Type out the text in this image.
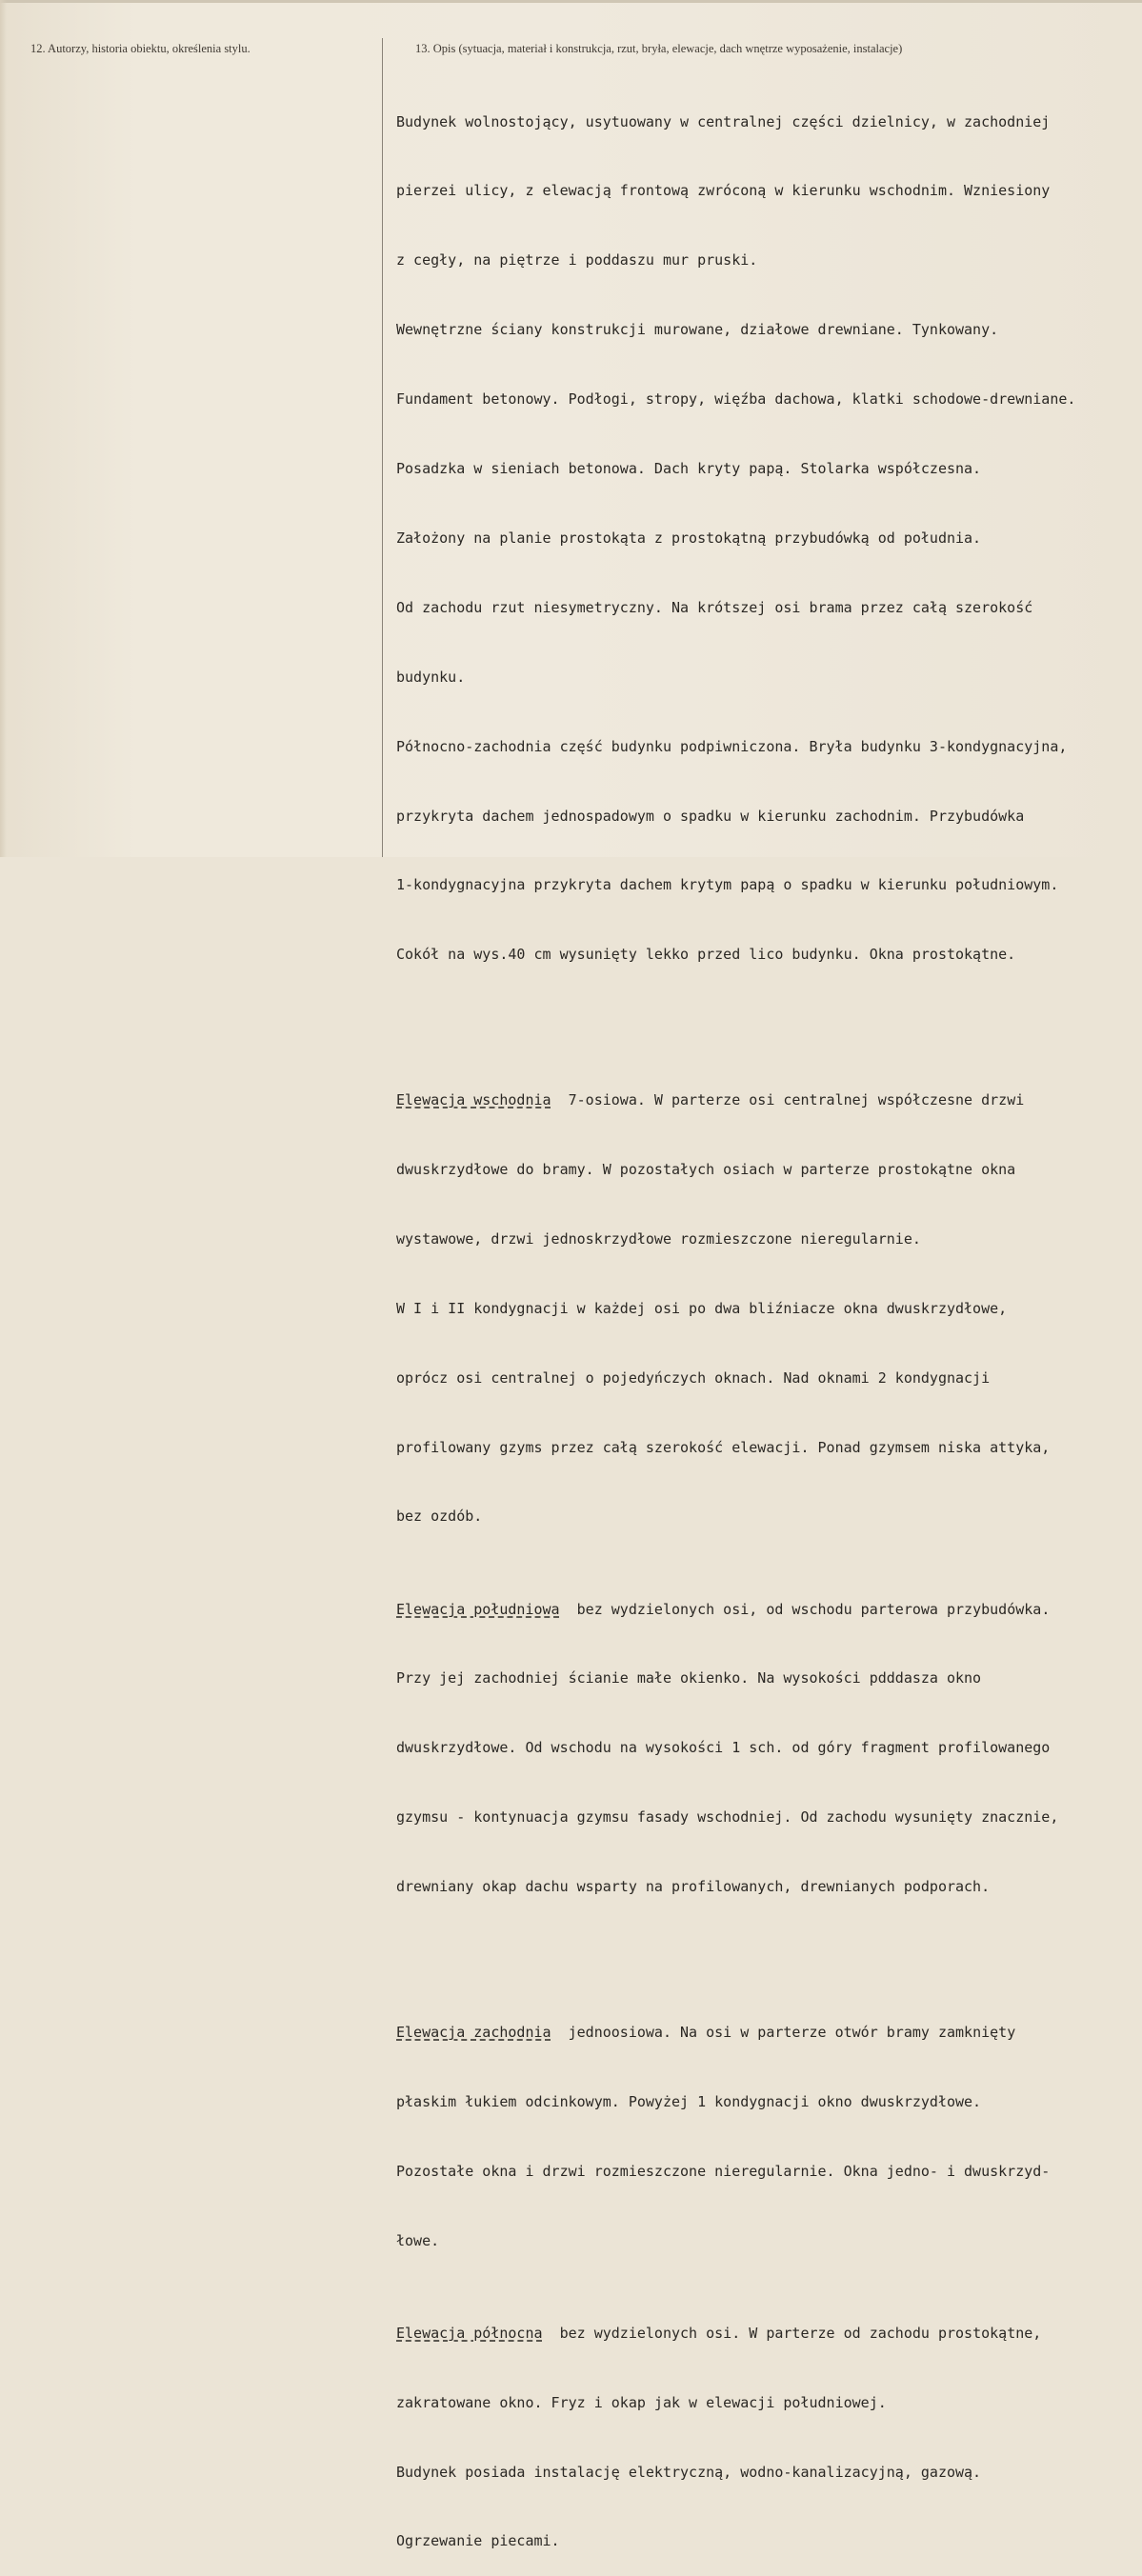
12. Autorzy, historia obiektu, określenia stylu.	13. Opis (sytuacja, materiał i konstrukcja, rzut, bryła, elewacje, dach wnętrze wyposażenie, instalacje)

Budynek wolnostojący, usytuowany w centralnej części dzielnicy, w zachodniej

pierzei ulicy, z elewacją frontową zwróconą w kierunku wschodnim. Wzniesiony

z cegły, na piętrze i poddaszu mur pruski.

Wewnętrzne ściany konstrukcji murowane, działowe drewniane. Tynkowany.

Fundament betonowy. Podłogi, stropy, więźba dachowa, klatki schodowe-drewniane.

Posadzka w sieniach betonowa. Dach kryty papą. Stolarka współczesna.

Założony na planie prostokąta z prostokątną przybudówką od południa.

Od zachodu rzut niesymetryczny. Na krótszej osi brama przez całą szerokość

budynku.

Północno-zachodnia część budynku podpiwniczona. Bryła budynku 3-kondygnacyjna,

przykryta dachem jednospadowym o spadku w kierunku zachodnim. Przybudówka

1-kondygnacyjna przykryta dachem krytym papą o spadku w kierunku południowym.

Cokół na wys.40 cm wysunięty lekko przed lico budynku. Okna prostokątne.

Elewacja wschodnia  7-osiowa. W parterze osi centralnej współczesne drzwi

dwuskrzydłowe do bramy. W pozostałych osiach w parterze prostokątne okna

wystawowe, drzwi jednoskrzydłowe rozmieszczone nieregularnie.

W I i II kondygnacji w każdej osi po dwa bliźniacze okna dwuskrzydłowe,

oprócz osi centralnej o pojedyńczych oknach. Nad oknami 2 kondygnacji

profilowany gzyms przez całą szerokość elewacji. Ponad gzymsem niska attyka,

bez ozdób.

Elewacja południowa  bez wydzielonych osi, od wschodu parterowa przybudówka.

Przy jej zachodniej ścianie małe okienko. Na wysokości pdddasza okno

dwuskrzydłowe. Od wschodu na wysokości 1 sch. od góry fragment profilowanego

gzymsu - kontynuacja gzymsu fasady wschodniej. Od zachodu wysunięty znacznie,

drewniany okap dachu wsparty na profilowanych, drewnianych podporach.

Elewacja zachodnia  jednoosiowa. Na osi w parterze otwór bramy zamknięty

płaskim łukiem odcinkowym. Powyżej 1 kondygnacji okno dwuskrzydłowe.

Pozostałe okna i drzwi rozmieszczone nieregularnie. Okna jedno- i dwuskrzyd-

łowe.

Elewacja północna  bez wydzielonych osi. W parterze od zachodu prostokątne,

zakratowane okno. Fryz i okap jak w elewacji południowej.

Budynek posiada instalację elektryczną, wodno-kanalizacyjną, gazową.

Ogrzewanie piecami.
